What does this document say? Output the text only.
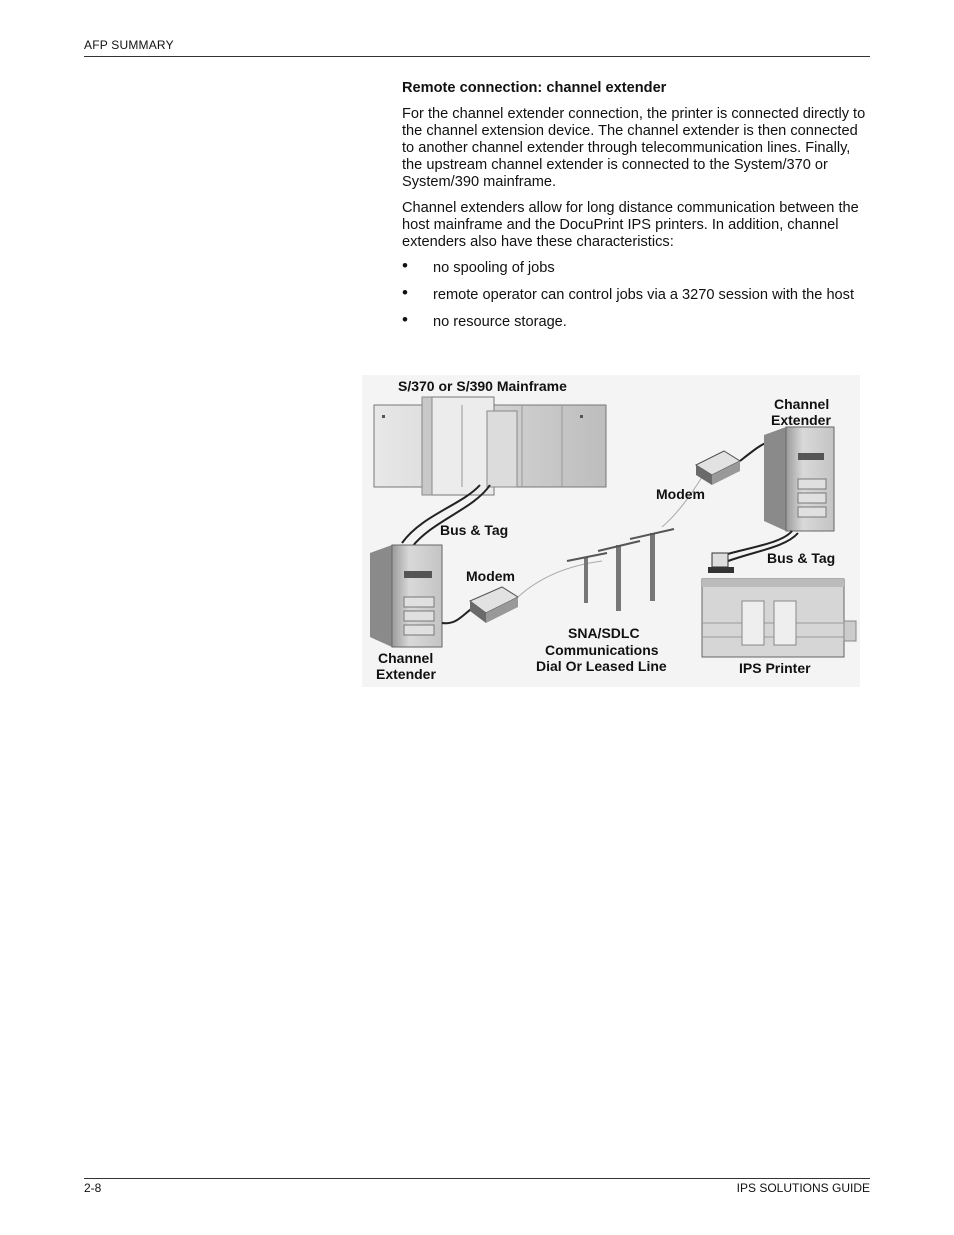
AFP SUMMARY
Remote connection: channel extender

For the channel extender connection, the printer is connected directly to the channel extension device. The channel extender is then connected to another channel extender through telecommunication lines. Finally, the upstream channel extender is connected to the System/370 or System/390 mainframe.

Channel extenders allow for long distance communication between the host mainframe and the DocuPrint IPS printers. In addition, channel extenders also have these characteristics:

• no spooling of jobs
• remote operator can control jobs via a 3270 session with the host
• no resource storage.
S/370 or S/390 Mainframe
Bus & Tag
Channel
Extender
Modem
SNA/SDLC
Communications
Dial Or Leased Line
Modem
Channel
Extender
Bus & Tag
IPS Printer
2-8	IPS SOLUTIONS GUIDE
